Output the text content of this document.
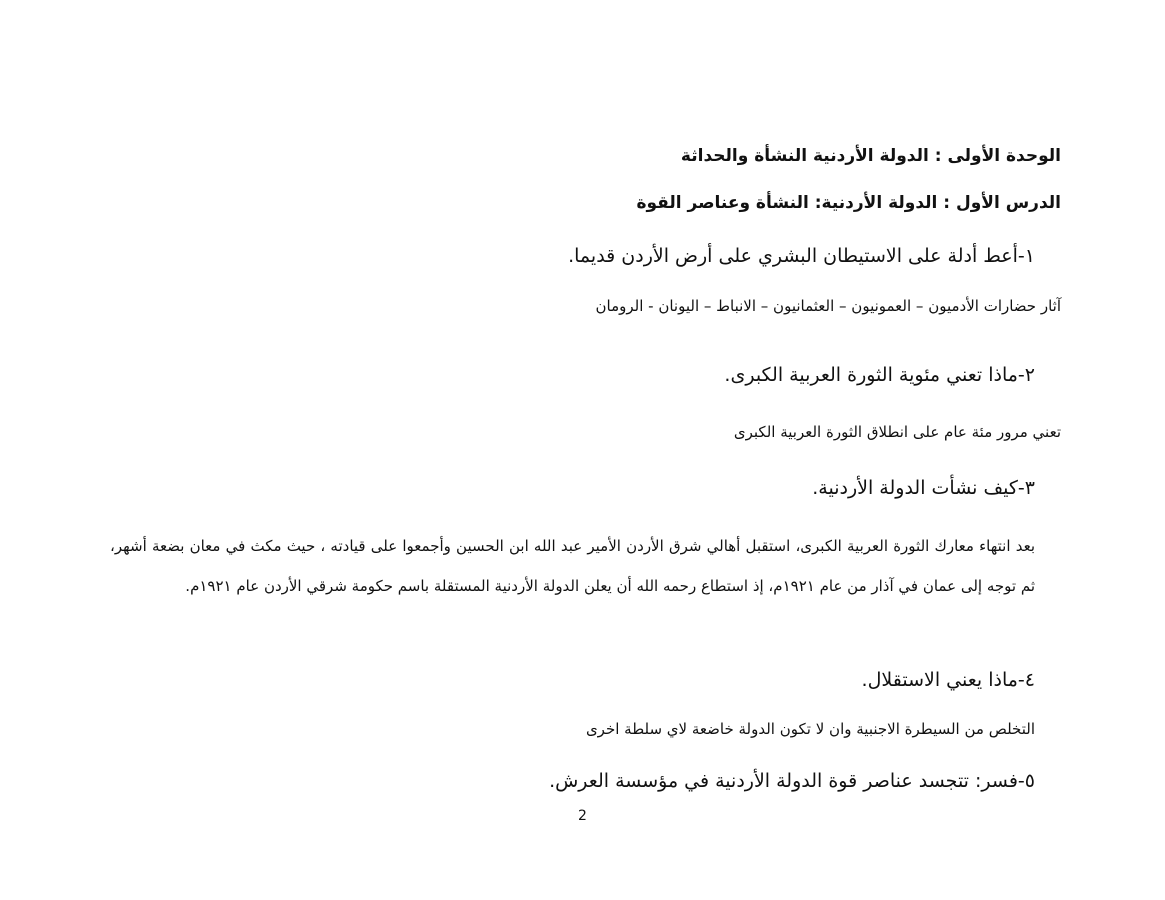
الوحدة الأولى : الدولة الأردنية النشأة والحداثة
الدرس الأول : الدولة الأردنية: النشأة وعناصر القوة
١-أعط أدلة على الاستيطان البشري على أرض الأردن قديما.
آثار حضارات الأدميون – العمونيون – العثمانيون – الانباط – اليونان - الرومان
٢-ماذا تعني مئوية الثورة العربية الكبرى.
تعني مرور مئة عام على انطلاق الثورة العربية الكبرى
٣-كيف نشأت الدولة الأردنية.
بعد انتهاء معارك الثورة العربية الكبرى، استقبل أهالي شرق الأردن الأمير عبد الله ابن الحسين وأجمعوا على قيادته ، حيث مكث في معان بضعة أشهر، ثم توجه إلى عمان في آذار من عام ١٩٢١م، إذ استطاع رحمه الله أن يعلن الدولة الأردنية المستقلة باسم حكومة شرقي الأردن عام ١٩٢١م.
٤-ماذا يعني الاستقلال.
التخلص من السيطرة الاجنبية وان لا تكون الدولة خاضعة لاي سلطة اخرى
٥-فسر: تتجسد عناصر قوة الدولة الأردنية في مؤسسة العرش.
2
